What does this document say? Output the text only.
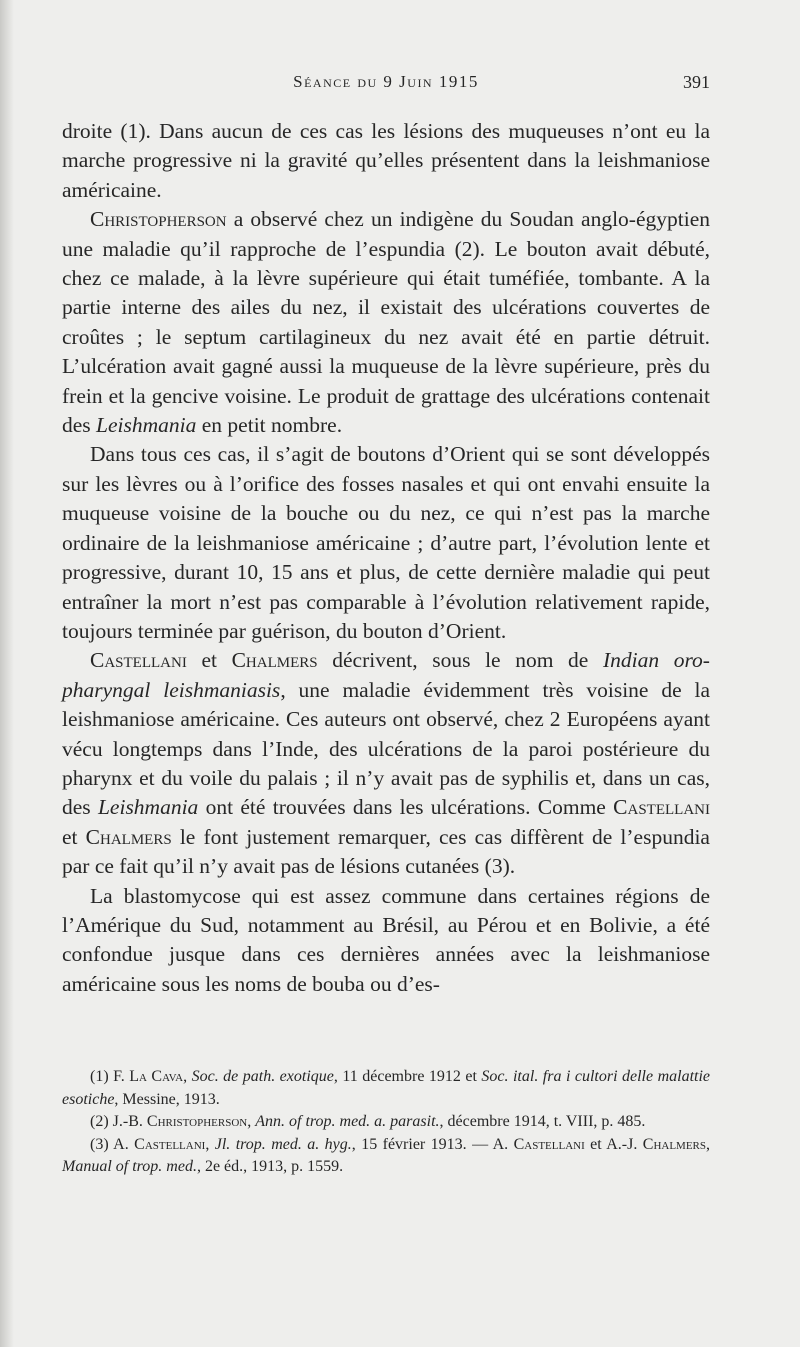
Séance du 9 Juin 1915	391

droite (1). Dans aucun de ces cas les lésions des muqueuses n’ont eu la marche progressive ni la gravité qu’elles présentent dans la leishmaniose américaine.

Christopherson a observé chez un indigène du Soudan anglo-égyptien une maladie qu’il rapproche de l’espundia (2). Le bouton avait débuté, chez ce malade, à la lèvre supérieure qui était tuméfiée, tombante. A la partie interne des ailes du nez, il existait des ulcérations couvertes de croûtes ; le septum cartilagineux du nez avait été en partie détruit. L’ulcération avait gagné aussi la muqueuse de la lèvre supérieure, près du frein et la gencive voisine. Le produit de grattage des ulcérations contenait des Leishmania en petit nombre.

Dans tous ces cas, il s’agit de boutons d’Orient qui se sont développés sur les lèvres ou à l’orifice des fosses nasales et qui ont envahi ensuite la muqueuse voisine de la bouche ou du nez, ce qui n’est pas la marche ordinaire de la leishmaniose américaine ; d’autre part, l’évolution lente et progressive, durant 10, 15 ans et plus, de cette dernière maladie qui peut entraîner la mort n’est pas comparable à l’évolution relativement rapide, toujours terminée par guérison, du bouton d’Orient.

Castellani et Chalmers décrivent, sous le nom de Indian oro-pharyngal leishmaniasis, une maladie évidemment très voisine de la leishmaniose américaine. Ces auteurs ont observé, chez 2 Européens ayant vécu longtemps dans l’Inde, des ulcérations de la paroi postérieure du pharynx et du voile du palais ; il n’y avait pas de syphilis et, dans un cas, des Leishmania ont été trouvées dans les ulcérations. Comme Castellani et Chalmers le font justement remarquer, ces cas diffèrent de l’espundia par ce fait qu’il n’y avait pas de lésions cutanées (3).

La blastomycose qui est assez commune dans certaines régions de l’Amérique du Sud, notamment au Brésil, au Pérou et en Bolivie, a été confondue jusque dans ces dernières années avec la leishmaniose américaine sous les noms de bouba ou d’es-

(1) F. La Cava, Soc. de path. exotique, 11 décembre 1912 et Soc. ital. fra i cultori delle malattie esotiche, Messine, 1913.

(2) J.-B. Christopherson, Ann. of trop. med. a. parasit., décembre 1914, t. VIII, p. 485.

(3) A. Castellani, Jl. trop. med. a. hyg., 15 février 1913. — A. Castellani et A.-J. Chalmers, Manual of trop. med., 2e éd., 1913, p. 1559.
